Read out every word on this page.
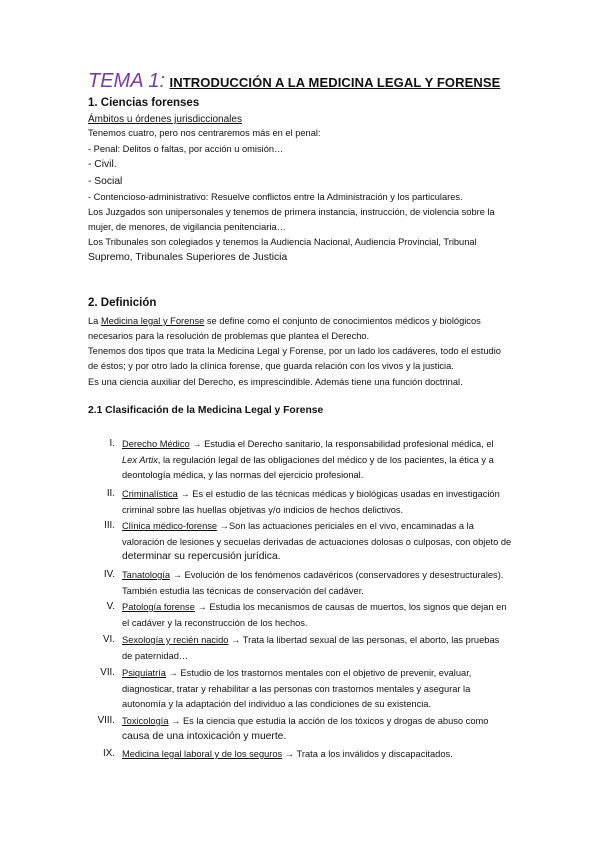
TEMA 1: INTRODUCCIÓN A LA MEDICINA LEGAL Y FORENSE
1. Ciencias forenses
Ámbitos u órdenes jurisdiccionales
Tenemos cuatro, pero nos centraremos más en el penal:
- Penal: Delitos o faltas, por acción u omisión…
- Civil.
- Social
- Contencioso-administrativo: Resuelve conflictos entre la Administración y los particulares.
Los Juzgados son unipersonales y tenemos de primera instancia, instrucción, de violencia sobre la
mujer, de menores, de vigilancia penitenciaria…
Los Tribunales son colegiados y tenemos la Audiencia Nacional, Audiencia Provincial, Tribunal
Supremo, Tribunales Superiores de Justicia
2. Definición
La Medicina legal y Forense se define como el conjunto de conocimientos médicos y biológicos
necesarios para la resolución de problemas que plantea el Derecho.
Tenemos dos tipos que trata la Medicina Legal y Forense, por un lado los cadáveres, todo el estudio
de éstos; y por otro lado la clínica forense, que guarda relación con los vivos y la justicia.
Es una ciencia auxiliar del Derecho, es imprescindible. Además tiene una función doctrinal.
2.1 Clasificación de la Medicina Legal y Forense
I. Derecho Médico → Estudia el Derecho sanitario, la responsabilidad profesional médica, el
Lex Artix, la regulación legal de las obligaciones del médico y de los pacientes, la ética y a
deontología médica, y las normas del ejercicio profesional.
II. Criminalística → Es el estudio de las técnicas médicas y biológicas usadas en investigación
criminal sobre las huellas objetivas y/o indicios de hechos delictivos.
III. Clínica médico-forense →Son las actuaciones periciales en el vivo, encaminadas a la
valoración de lesiones y secuelas derivadas de actuaciones dolosas o culposas, con objeto de
determinar su repercusión jurídica.
IV. Tanatología → Evolución de los fenómenos cadavéricos (conservadores y desestructurales).
También estudia las técnicas de conservación del cadáver.
V. Patología forense → Estudia los mecanismos de causas de muertos, los signos que dejan en
el cadáver y la reconstrucción de los hechos.
VI. Sexología y recién nacido → Trata la libertad sexual de las personas, el aborto, las pruebas
de paternidad…
VII. Psiquiatría → Estudio de los trastornos mentales con el objetivo de prevenir, evaluar,
diagnosticar, tratar y rehabilitar a las personas con trastornos mentales y asegurar la
autonomía y la adaptación del individuo a las condiciones de su existencia.
VIII. Toxicología → Es la ciencia que estudia la acción de los tóxicos y drogas de abuso como
causa de una intoxicación y muerte.
IX. Medicina legal laboral y de los seguros → Trata a los inválidos y discapacitados.
